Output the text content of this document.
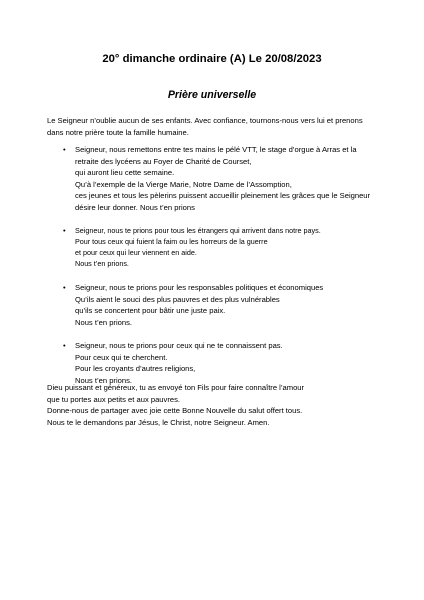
20° dimanche ordinaire (A) Le 20/08/2023
Prière universelle
Le Seigneur n’oublie aucun de ses enfants. Avec confiance, tournons-nous vers lui et prenons
dans notre prière toute la famille humaine.
•	Seigneur, nous remettons entre tes mains le pélé VTT, le stage d’orgue à Arras et la
retraite des lycéens au Foyer de Charité de Courset,
qui auront lieu cette semaine.
Qu’à l’exemple de la Vierge Marie, Notre Dame de l’Assomption,
ces jeunes et tous les pèlerins puissent accueillir pleinement les grâces que le Seigneur
désire leur donner. Nous t’en prions
•	Seigneur, nous te prions pour tous les étrangers qui arrivent dans notre pays.
Pour tous ceux qui fuient la faim ou les horreurs de la guerre
et pour ceux qui leur viennent en aide.
Nous t’en prions.
•	Seigneur, nous te prions pour les responsables politiques et économiques
Qu’ils aient le souci des plus pauvres et des plus vulnérables
qu’ils se concertent pour bâtir une juste paix.
Nous t’en prions.
•	Seigneur, nous te prions pour ceux qui ne te connaissent pas.
Pour ceux qui te cherchent.
Pour les croyants d’autres religions,
Nous t’en prions.
Dieu puissant et généreux, tu as envoyé ton Fils pour faire connaître l’amour
que tu portes aux petits et aux pauvres.
Donne-nous de partager avec joie cette Bonne Nouvelle du salut offert tous.
Nous te le demandons par Jésus, le Christ, notre Seigneur. Amen.
